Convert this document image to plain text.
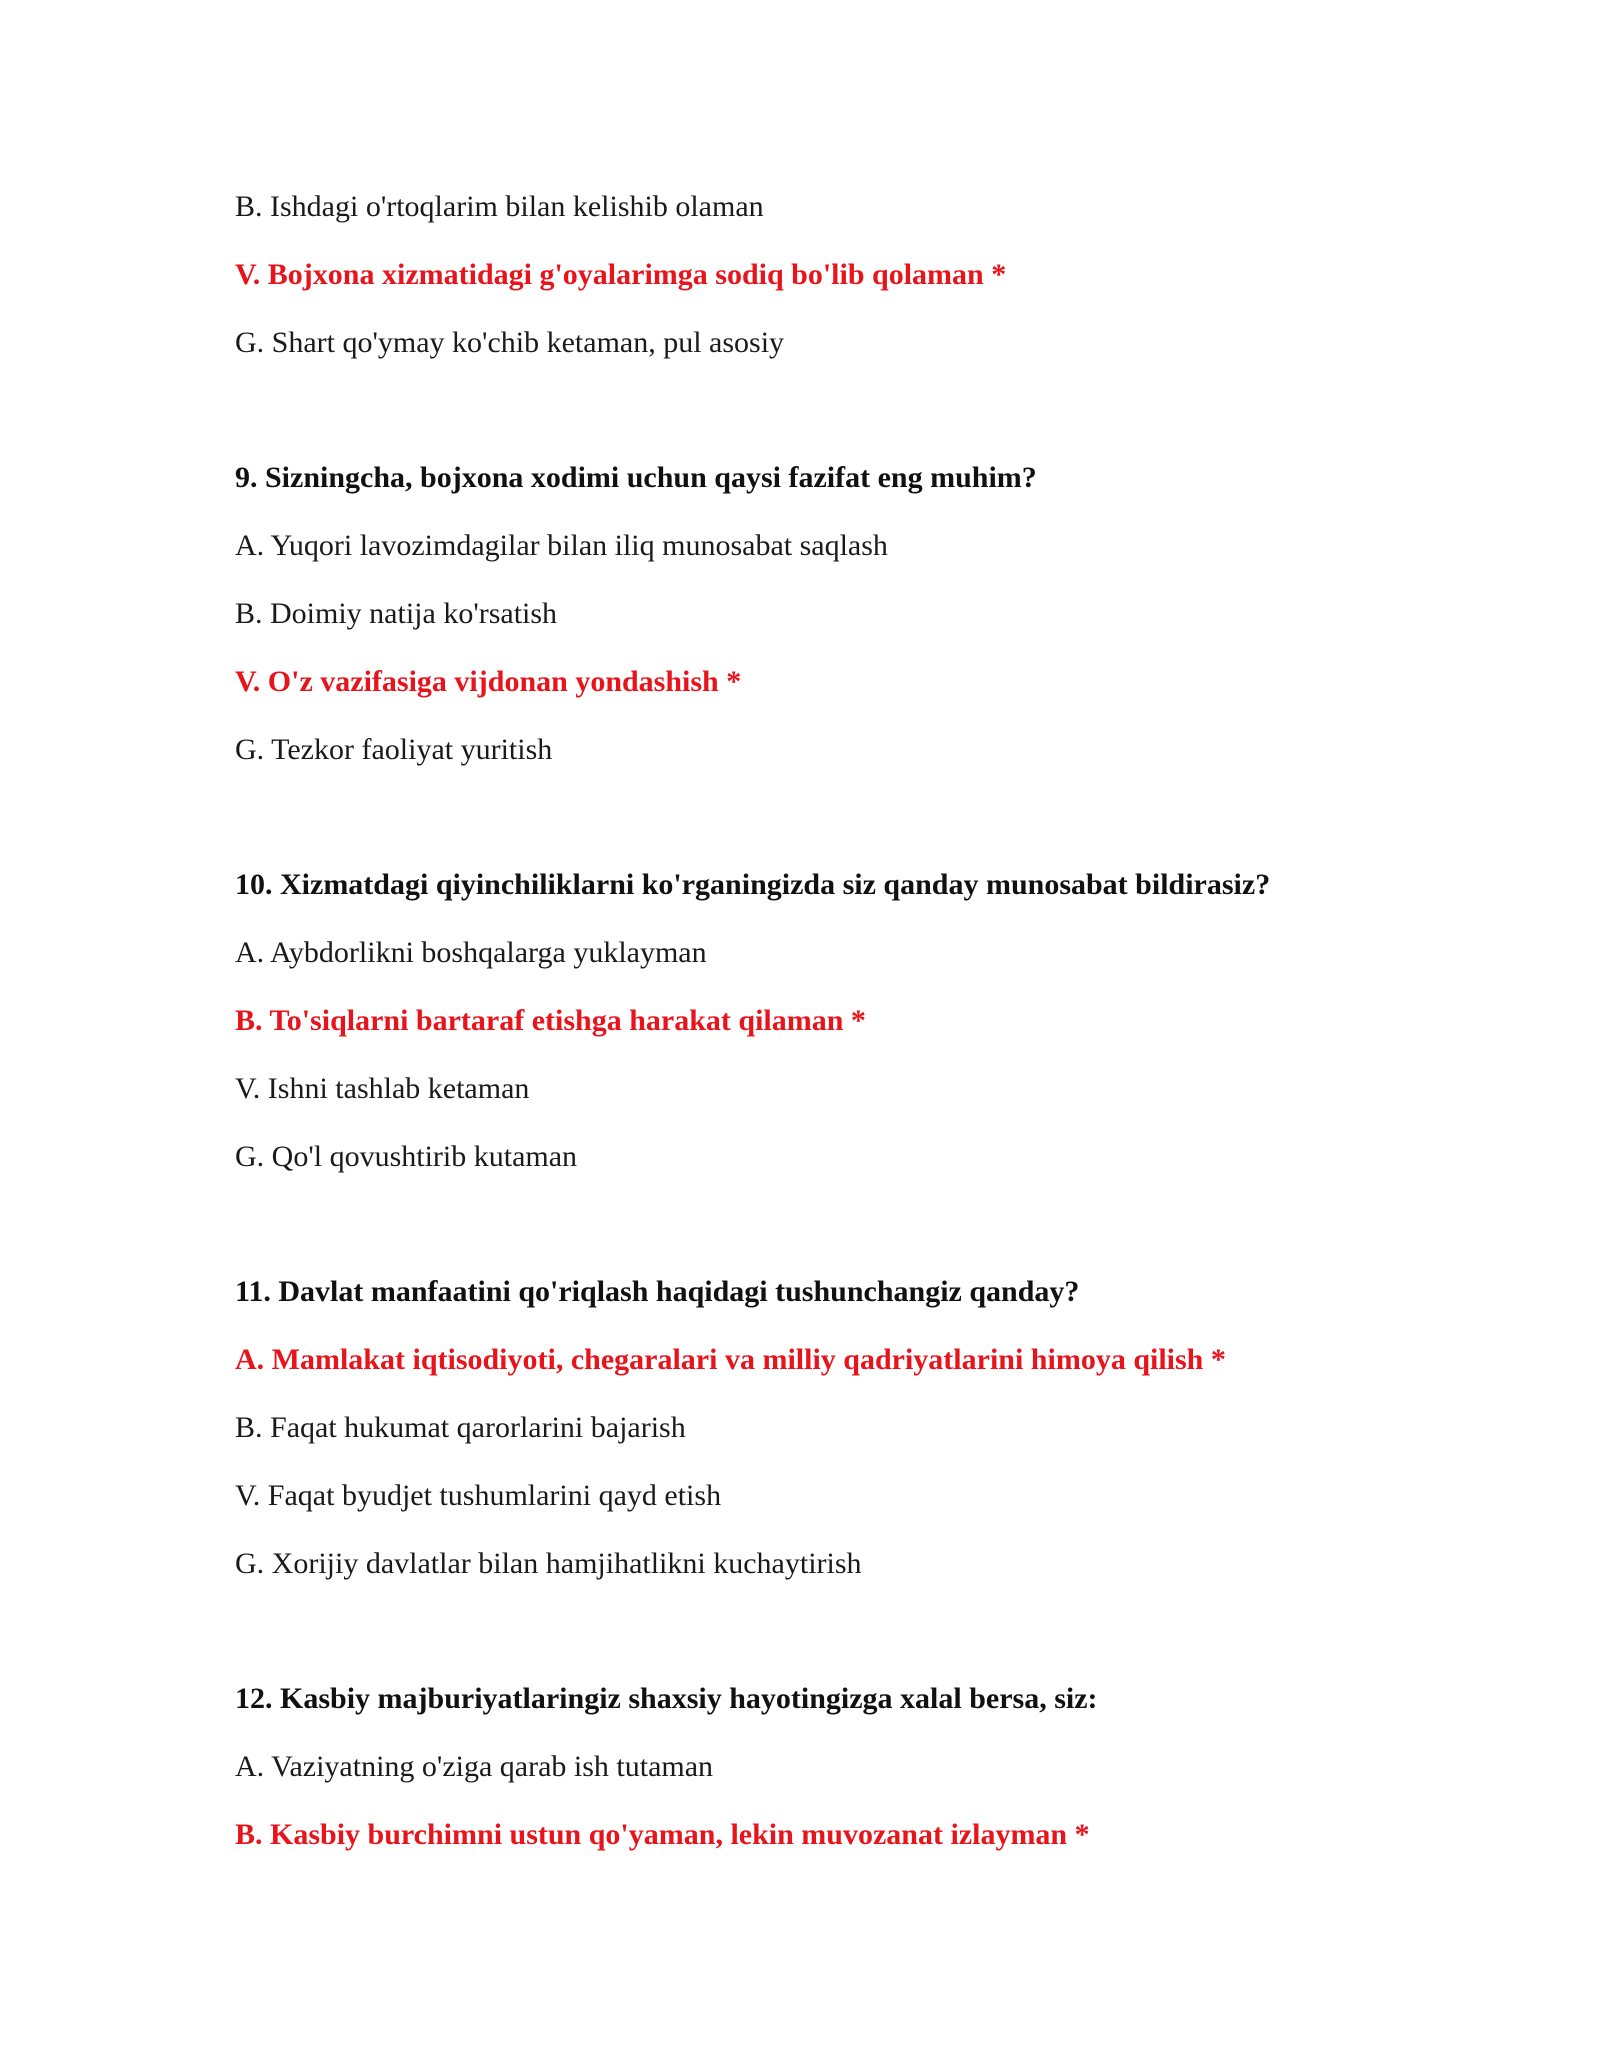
B. Ishdagi o'rtoqlarim bilan kelishib olaman
V. Bojxona xizmatidagi g'oyalarimga sodiq bo'lib qolaman *
G. Shart qo'ymay ko'chib ketaman, pul asosiy
9. Sizningcha, bojxona xodimi uchun qaysi fazifat eng muhim?
A. Yuqori lavozimdagilar bilan iliq munosabat saqlash
B. Doimiy natija ko'rsatish
V. O'z vazifasiga vijdonan yondashish *
G. Tezkor faoliyat yuritish
10. Xizmatdagi qiyinchiliklarni ko'rganingizda siz qanday munosabat bildirasiz?
A. Aybdorlikni boshqalarga yuklayman
B. To'siqlarni bartaraf etishga harakat qilaman *
V. Ishni tashlab ketaman
G. Qo'l qovushtirib kutaman
11. Davlat manfaatini qo'riqlash haqidagi tushunchangiz qanday?
A. Mamlakat iqtisodiyoti, chegaralari va milliy qadriyatlarini himoya qilish *
B. Faqat hukumat qarorlarini bajarish
V. Faqat byudjet tushumlarini qayd etish
G. Xorijiy davlatlar bilan hamjihatlikni kuchaytirish
12. Kasbiy majburiyatlaringiz shaxsiy hayotingizga xalal bersa, siz:
A. Vaziyatning o'ziga qarab ish tutaman
B. Kasbiy burchimni ustun qo'yaman, lekin muvozanat izlayman *
